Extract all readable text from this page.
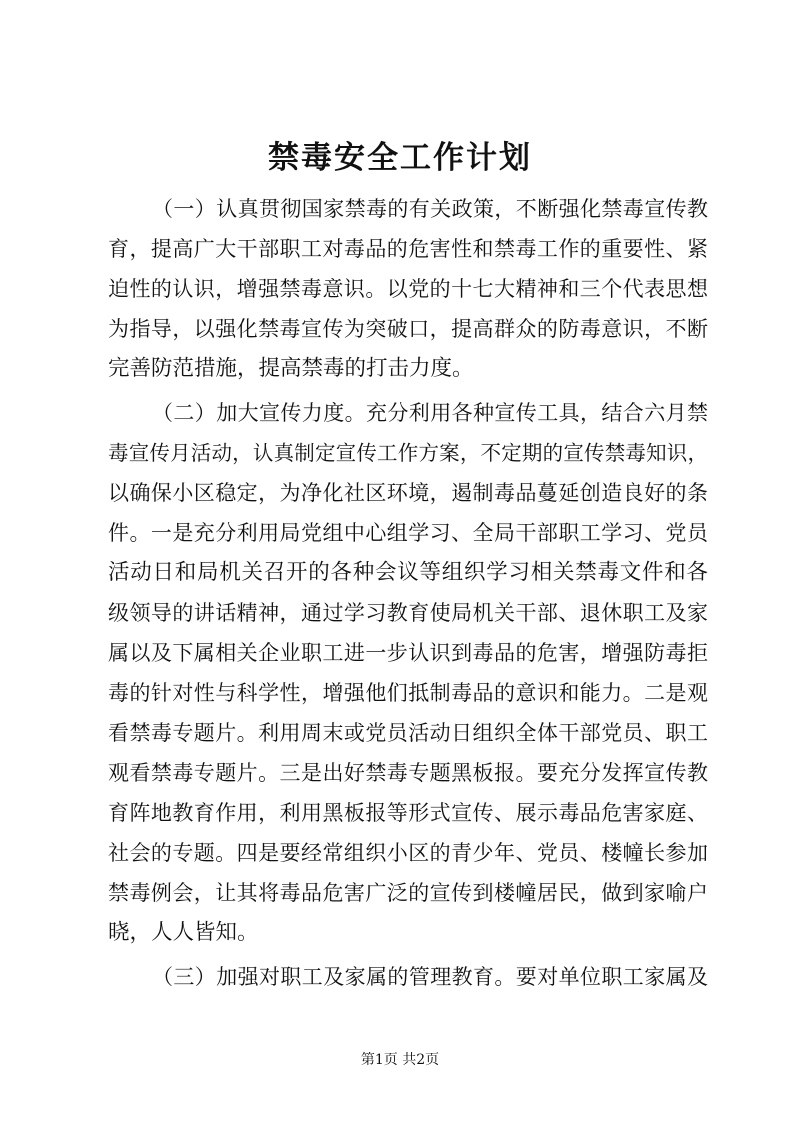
禁毒安全工作计划
（一）认真贯彻国家禁毒的有关政策，不断强化禁毒宣传教
育，提高广大干部职工对毒品的危害性和禁毒工作的重要性、紧
迫性的认识，增强禁毒意识。以党的十七大精神和三个代表思想
为指导，以强化禁毒宣传为突破口，提高群众的防毒意识，不断
完善防范措施，提高禁毒的打击力度。
（二）加大宣传力度。充分利用各种宣传工具，结合六月禁
毒宣传月活动，认真制定宣传工作方案，不定期的宣传禁毒知识，
以确保小区稳定，为净化社区环境，遏制毒品蔓延创造良好的条
件。一是充分利用局党组中心组学习、全局干部职工学习、党员
活动日和局机关召开的各种会议等组织学习相关禁毒文件和各
级领导的讲话精神，通过学习教育使局机关干部、退休职工及家
属以及下属相关企业职工进一步认识到毒品的危害，增强防毒拒
毒的针对性与科学性，增强他们抵制毒品的意识和能力。二是观
看禁毒专题片。利用周末或党员活动日组织全体干部党员、职工
观看禁毒专题片。三是出好禁毒专题黑板报。要充分发挥宣传教
育阵地教育作用，利用黑板报等形式宣传、展示毒品危害家庭、
社会的专题。四是要经常组织小区的青少年、党员、楼幢长参加
禁毒例会，让其将毒品危害广泛的宣传到楼幢居民，做到家喻户
晓，人人皆知。
（三）加强对职工及家属的管理教育。要对单位职工家属及
第1页 共2页
